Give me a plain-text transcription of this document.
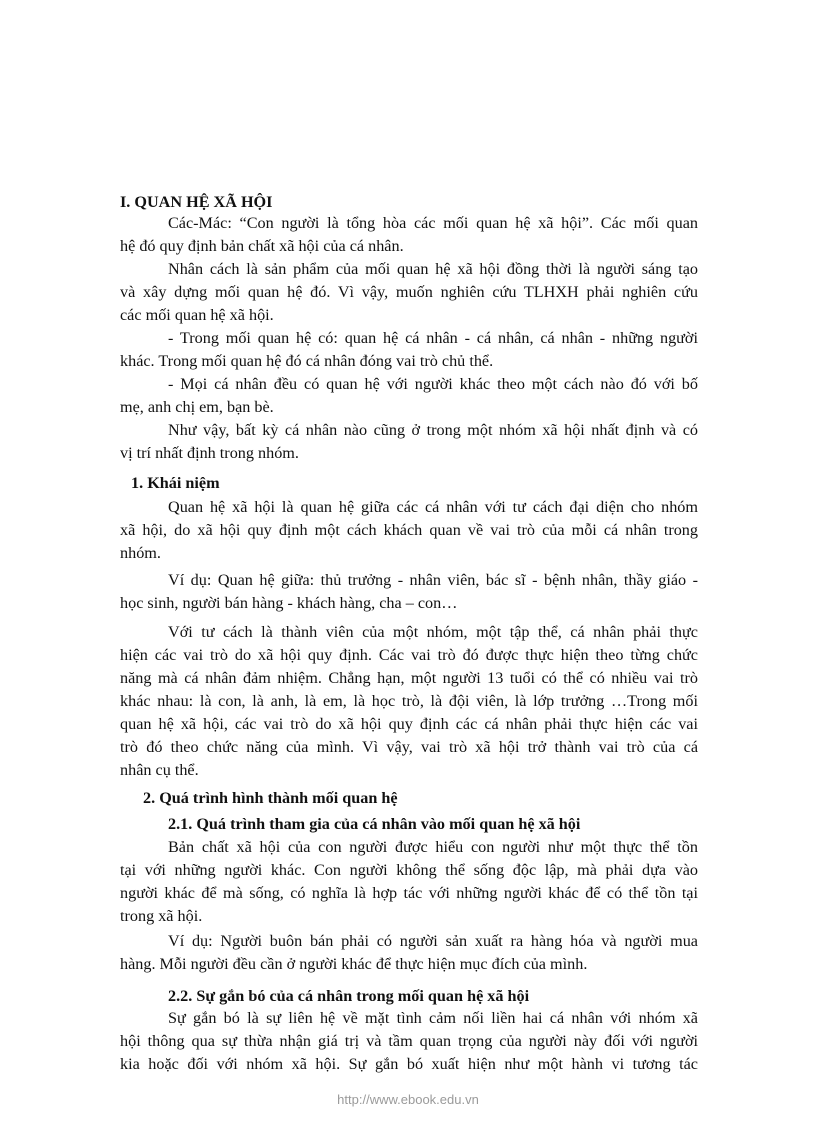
I. QUAN HỆ XÃ HỘI

Các-Mác: “Con người là tổng hòa các mối quan hệ xã hội”. Các mối quan

hệ đó quy định bản chất xã hội của cá nhân.

Nhân cách là sản phẩm của mối quan hệ xã hội đồng thời là người sáng tạo

và xây dựng mối quan hệ đó. Vì vậy, muốn nghiên cứu TLHXH phải nghiên cứu

các mối quan hệ xã hội.

- Trong mối quan hệ có: quan hệ cá nhân - cá nhân, cá nhân - những người

khác. Trong mối quan hệ đó cá nhân đóng vai trò chủ thể.

- Mọi cá nhân đều có quan hệ với người khác theo một cách nào đó với bố

mẹ, anh chị em, bạn bè.

Như vậy, bất kỳ cá nhân nào cũng ở trong một nhóm xã hội nhất định và có

vị trí nhất định trong nhóm.

1. Khái niệm

Quan hệ xã hội là quan hệ giữa các cá nhân với tư cách đại diện cho nhóm

xã hội, do xã hội quy định một cách khách quan về vai trò của mỗi cá nhân trong

nhóm.

Ví dụ: Quan hệ giữa: thủ trưởng - nhân viên, bác sĩ - bệnh nhân, thầy giáo -

học sinh, người bán hàng - khách hàng, cha – con…

Với tư cách là thành viên của một nhóm, một tập thể, cá nhân phải thực

hiện các vai trò do xã hội quy định. Các vai trò đó được thực hiện theo từng chức

năng mà cá nhân đảm nhiệm. Chẳng hạn, một người 13 tuổi có thể có nhiều vai trò

khác nhau: là con, là anh, là em, là học trò, là đội viên, là lớp trưởng …Trong mối

quan hệ xã hội, các vai trò do xã hội quy định các cá nhân phải thực hiện các vai

trò đó theo chức năng của mình. Vì vậy, vai trò xã hội trở thành vai trò của cá

nhân cụ thể.

2. Quá trình hình thành mối quan hệ

2.1. Quá trình tham gia của cá nhân vào mối quan hệ xã hội

Bản chất xã hội của con người được hiểu con người như một thực thể tồn

tại với những người khác. Con người không thể sống độc lập, mà phải dựa vào

người khác để mà sống, có nghĩa là hợp tác với những người khác để có thể tồn tại

trong xã hội.

Ví dụ: Người buôn bán phải có người sản xuất ra hàng hóa và người mua

hàng. Mỗi người đều cần ở người khác để thực hiện mục đích của mình.

2.2. Sự gắn bó của cá nhân trong mối quan hệ xã hội

Sự gắn bó là sự liên hệ về mặt tình cảm nối liền hai cá nhân với nhóm xã

hội thông qua sự thừa nhận giá trị và tầm quan trọng của người này đối với người

kia hoặc đối với nhóm xã hội. Sự gắn bó xuất hiện như một hành vi tương tác

http://www.ebook.edu.vn
